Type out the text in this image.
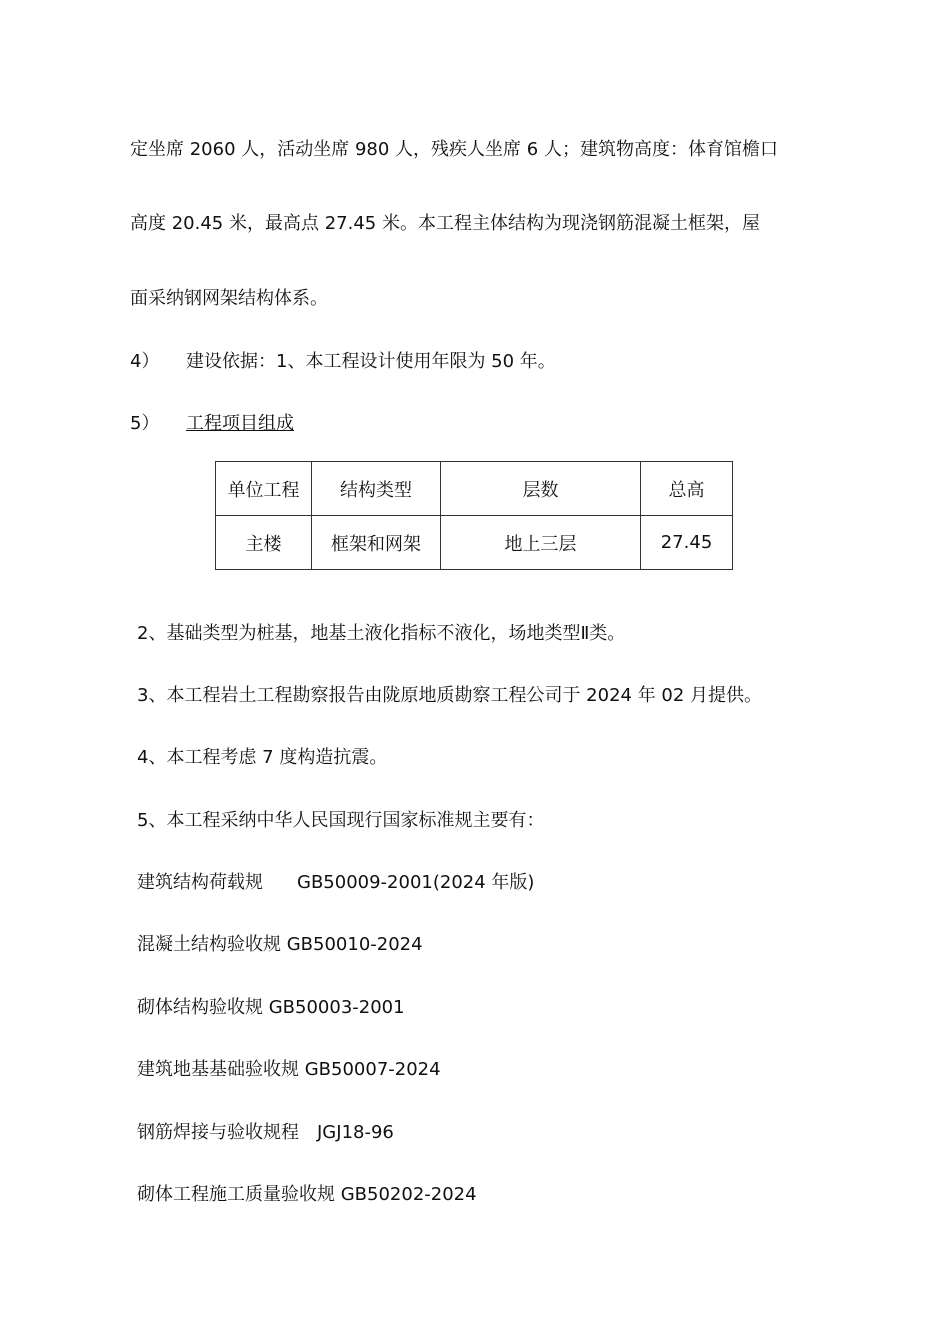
定坐席 2060 人，活动坐席 980 人，残疾人坐席 6 人；建筑物高度：体育馆檐口

高度 20.45 米，最高点 27.45 米。本工程主体结构为现浇钢筋混凝土框架，屋

面采纳钢网架结构体系。

4） 建设依据：1、本工程设计使用年限为 50 年。

5） 工程项目组成

单位工程	结构类型	层数	总高
主楼	框架和网架	地上三层	27.45

2、基础类型为桩基，地基土液化指标不液化，场地类型Ⅱ类。

3、本工程岩土工程勘察报告由陇原地质勘察工程公司于 2024 年 02 月提供。

4、本工程考虑 7 度构造抗震。

5、本工程采纳中华人民国现行国家标准规主要有：

建筑结构荷载规 GB50009-2001(2024 年版)

混凝土结构验收规 GB50010-2024

砌体结构验收规 GB50003-2001

建筑地基基础验收规 GB50007-2024

钢筋焊接与验收规程　JGJ18-96

砌体工程施工质量验收规 GB50202-2024
